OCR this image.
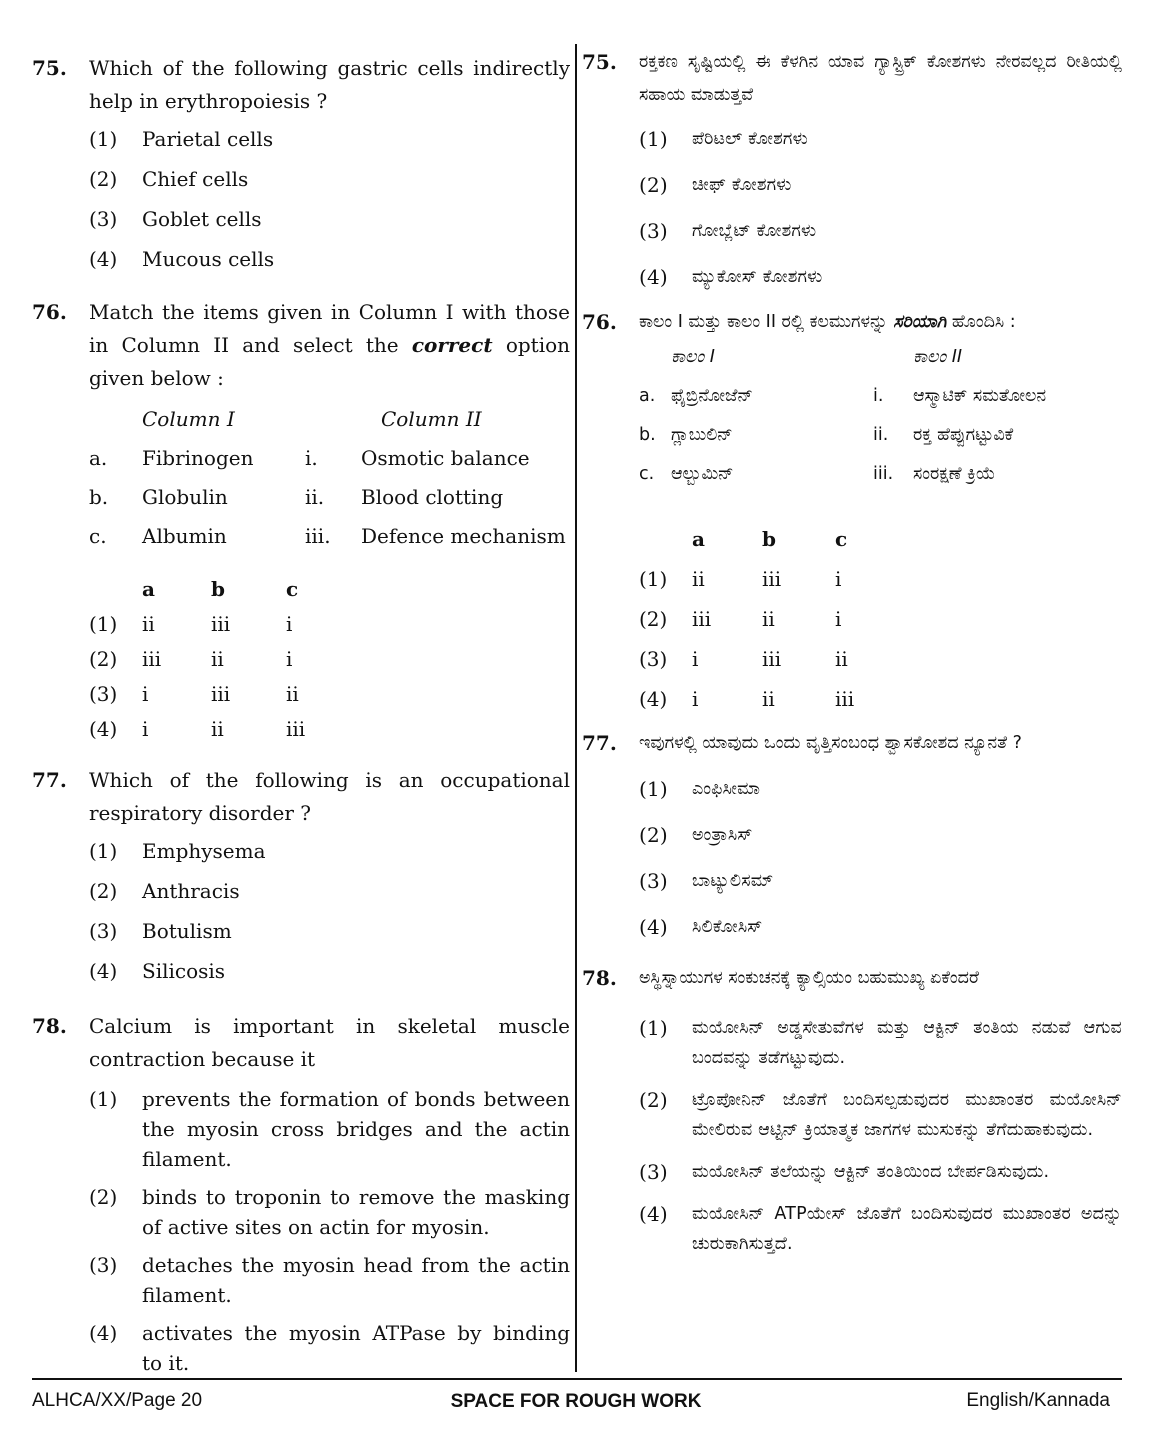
75. Which of the following gastric cells indirectly help in erythropoiesis ?
(1) Parietal cells
(2) Chief cells
(3) Goblet cells
(4) Mucous cells
76. Match the items given in Column I with those in Column II and select the correct option given below :
Column I	Column II
a. Fibrinogen	i. Osmotic balance
b. Globulin	ii. Blood clotting
c. Albumin	iii. Defence mechanism
a	b	c
(1) ii	iii	i
(2) iii ii	i
(3) i	iii	ii
(4) i	ii	iii
77. Which of the following is an occupational respiratory disorder ?
(1) Emphysema
(2) Anthracis
(3) Botulism
(4) Silicosis
78. Calcium is important in skeletal muscle contraction because it
(1) prevents the formation of bonds between the myosin cross bridges and the actin filament.
(2) binds to troponin to remove the masking of active sites on actin for myosin.
(3) detaches the myosin head from the actin filament.
(4) activates the myosin ATPase by binding to it.
75. ರಕ್ತಕಣ ಸೃಷ್ಟಿಯಲ್ಲಿ ಈ ಕೆಳಗಿನ ಯಾವ ಗ್ಯಾಸ್ಟ್ರಿಕ್ ಕೋಶಗಳು ನೇರವಲ್ಲದ ರೀತಿಯಲ್ಲಿ ಸಹಾಯ ಮಾಡುತ್ತವೆ
(1) ಪೆರಿಟಲ್ ಕೋಶಗಳು
(2) ಚೀಫ್ ಕೋಶಗಳು
(3) ಗೋಬ್ಲೆಟ್ ಕೋಶಗಳು
(4) ಮ್ಯುಕೋಸ್ ಕೋಶಗಳು
76. ಕಾಲಂ I ಮತ್ತು ಕಾಲಂ II ರಲ್ಲಿ ಕಲಮುಗಳನ್ನು ಸರಿಯಾಗಿ ಹೊಂದಿಸಿ :
ಕಾಲಂ I	ಕಾಲಂ II
a. ಫೈಬ್ರಿನೋಜೆನ್	i. ಆಸ್ಮಾಟಿಕ್ ಸಮತೋಲನ
b. ಗ್ಲಾಬುಲಿನ್	ii. ರಕ್ತ ಹೆಪ್ಪುಗಟ್ಟುವಿಕೆ
c. ಆಲ್ಬುಮಿನ್	iii. ಸಂರಕ್ಷಣೆ ಕ್ರಿಯೆ
a	b	c
(1) ii	iii	i
(2) iii	ii	i
(3) i	iii	ii
(4) i	ii	iii
77. ಇವುಗಳಲ್ಲಿ ಯಾವುದು ಒಂದು ವೃತ್ತಿಸಂಬಂಧ ಶ್ವಾಸಕೋಶದ ನ್ಯೂನತೆ ?
(1) ಎಂಫಿಸೀಮಾ
(2) ಅಂತ್ರಾಸಿಸ್
(3) ಬಾಟ್ಯುಲಿಸಮ್
(4) ಸಿಲಿಕೋಸಿಸ್
78. ಅಸ್ಥಿಸ್ನಾಯುಗಳ ಸಂಕುಚನಕ್ಕೆ ಕ್ಯಾಲ್ಸಿಯಂ ಬಹುಮುಖ್ಯ ಏಕೆಂದರೆ
(1) ಮಯೋಸಿನ್ ಅಡ್ಡಸೇತುವೆಗಳ ಮತ್ತು ಆಕ್ಟಿನ್ ತಂತಿಯ ನಡುವೆ ಆಗುವ ಬಂದವನ್ನು ತಡೆಗಟ್ಟುವುದು.
(2) ಟ್ರೊಪೋನಿನ್ ಜೊತೆಗೆ ಬಂದಿಸಲ್ಪಡುವುದರ ಮುಖಾಂತರ ಮಯೋಸಿನ್ ಮೇಲಿರುವ ಆಟ್ಟಿನ್ ಕ್ರಿಯಾತ್ಮಕ ಜಾಗಗಳ ಮುಸುಕನ್ನು ತೆಗೆದುಹಾಕುವುದು.
(3) ಮಯೋಸಿನ್ ತಲೆಯನ್ನು ಆಕ್ಟಿನ್ ತಂತಿಯಿಂದ ಬೇರ್ಪಡಿಸುವುದು.
(4) ಮಯೋಸಿನ್ ATPಯೇಸ್ ಜೊತೆಗೆ ಬಂದಿಸುವುದರ ಮುಖಾಂತರ ಅದನ್ನು ಚುರುಕಾಗಿಸುತ್ತದೆ.
ALHCA/XX/Page 20	SPACE FOR ROUGH WORK	English/Kannada
